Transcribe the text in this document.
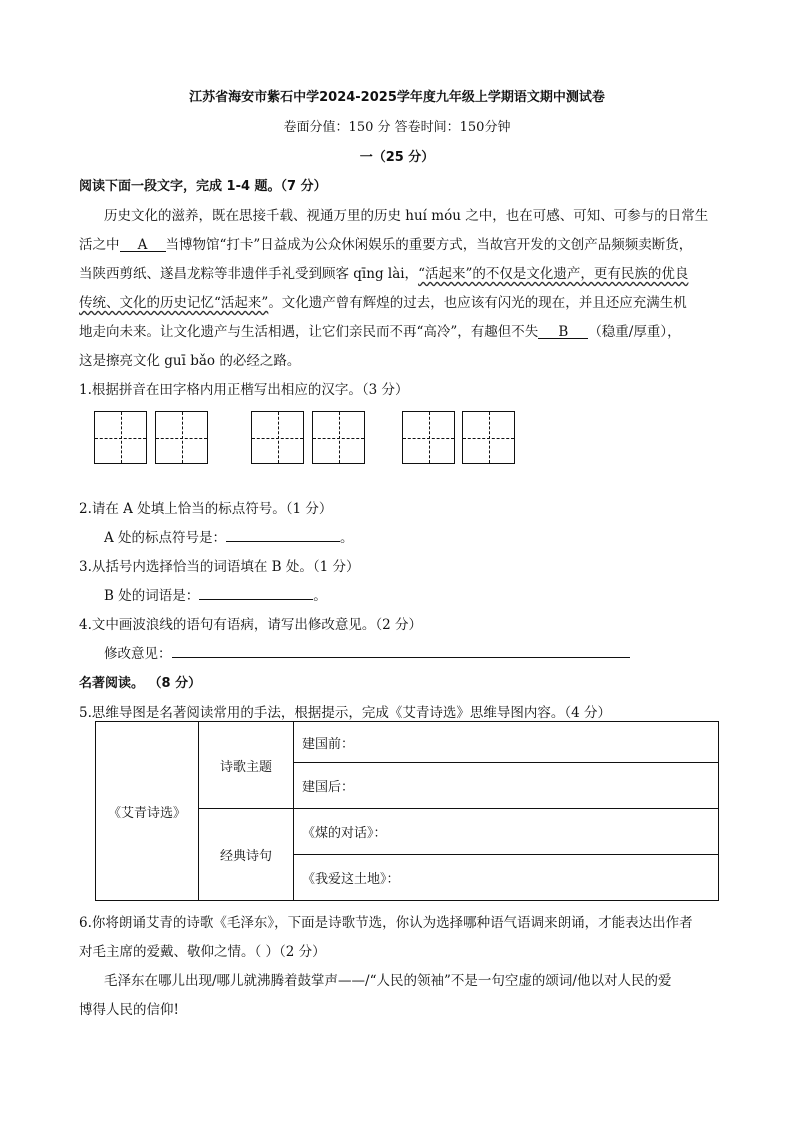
江苏省海安市紫石中学2024-2025学年度九年级上学期语文期中测试卷
卷面分值：150 分 答卷时间：150分钟
一（25 分）
阅读下面一段文字，完成 1-4 题。（7 分）
历史文化的滋养，既在思接千载、视通万里的历史 huí móu 之中，也在可感、可知、可参与的日常生
活之中 A 当博物馆“打卡”日益成为公众休闲娱乐的重要方式，当故宫开发的文创产品频频卖断货，
当陕西剪纸、遂昌龙粽等非遗伴手礼受到顾客 qīng lài，“活起来”的不仅是文化遗产，更有民族的优良
传统、文化的历史记忆“活起来”。文化遗产曾有辉煌的过去，也应该有闪光的现在，并且还应充满生机
地走向未来。让文化遗产与生活相遇，让它们亲民而不再“高冷”，有趣但不失 B （稳重/厚重），
这是擦亮文化 guī bǎo 的必经之路。
1.根据拼音在田字格内用正楷写出相应的汉字。（3 分）
2.请在 A 处填上恰当的标点符号。（1 分）
A 处的标点符号是：	。
3.从括号内选择恰当的词语填在 B 处。（1 分）
B 处的词语是：	。
4.文中画波浪线的语句有语病，请写出修改意见。（2 分）
修改意见：
名著阅读。 （8 分）
5.思维导图是名著阅读常用的手法，根据提示，完成《艾青诗选》思维导图内容。（4 分）
《艾青诗选》	诗歌主题	建国前：
		建国后：
	经典诗句	《煤的对话》：
		《我爱这土地》：
6.你将朗诵艾青的诗歌《毛泽东》，下面是诗歌节选，你认为选择哪种语气语调来朗诵，才能表达出作者
对毛主席的爱戴、敬仰之情。（ ）（2 分）
毛泽东在哪儿出现/哪儿就沸腾着鼓掌声——/“人民的领袖”不是一句空虚的颂词/他以对人民的爱
博得人民的信仰!
